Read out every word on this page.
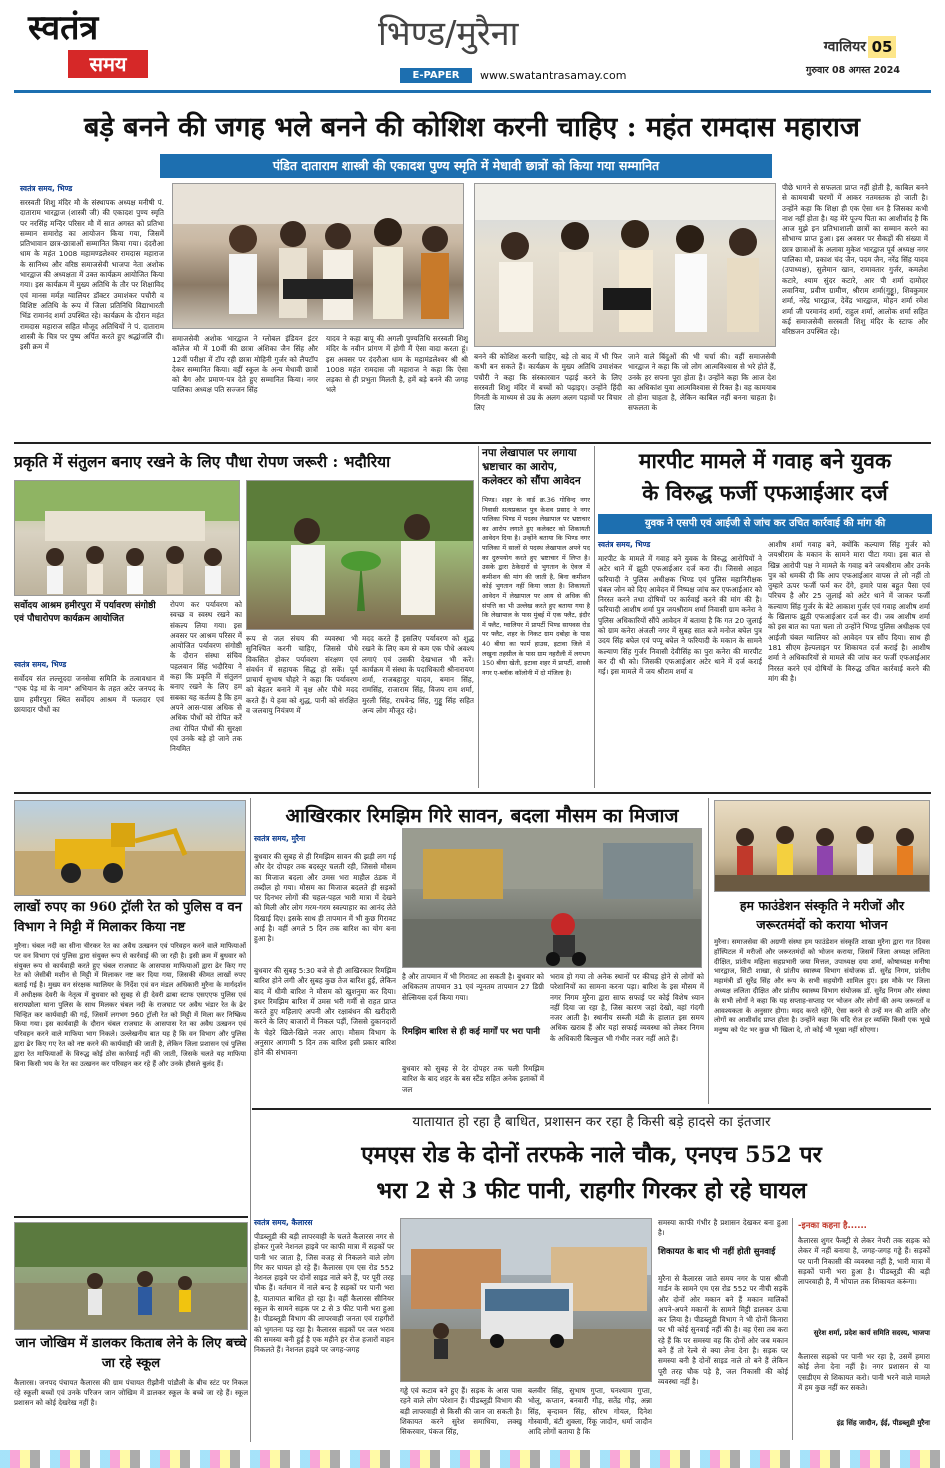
स्वतंत्र
समय
भिण्ड/मुरैना
E-PAPER	www.swatantrasamay.com
ग्वालियर 05
गुरुवार 08 अगस्त 2024
बड़े बनने की जगह भले बनने की कोशिश करनी चाहिए : महंत रामदास महाराज
पंडित दाताराम शास्त्री की एकादश पुण्य स्मृति में मेधावी छात्रों को किया गया सम्मानित
स्वतंत्र समय, भिण्ड
सरस्वती शिशु मंदिर मौ के संस्थापक अध्यक्ष मनीषी पं. दाताराम भारद्वाज (शास्त्री जी) की एकादश पुण्य स्मृति पर नरसिंह मन्दिर परिसर मौ में सात अगस्त को प्रतिभा सम्मान समारोह का आयोजन किया गया, जिसमें प्रतिभावान छात्र-छात्राओं सम्मानित किया गया। दंदरौआ धाम के महंत 1008 महामण्डलेश्वर रामदास महाराज के सानिध्य और वरिष्ठ समाजसेवी भाजपा नेता अशोक भारद्वाज की अध्यक्षता में उक्त कार्यक्रम आयोजित किया गया। इस कार्यक्रम में मुख्य अतिथि के तौर पर शिक्षाविद एवं मानस मर्मज्ञ ग्वालियर डॉक्टर उमाशंकर पचौरी व विशिष्ट अतिथि के रूप में जिला प्रतिनिधि विद्याभारती भिंड रामानंद शर्मा उपस्थित रहे। कार्यक्रम के दौरान महंत रामदास महाराज सहित मौजूद अतिथियों ने पं. दाताराम शास्त्री के चित्र पर पुष्प अर्पित करते हुए श्रद्धांजलि दी। इसी क्रम में
समाजसेवी अशोक भारद्वाज ने ग्लोबल इंडियन इंटर कॉलेज मौ में 10वीं की छात्रा अंशिका जैन सिंह और 12वीं परीक्षा में टॉप रही छात्रा मोहिनी गुर्जर को लैपटॉप देकर सम्मानित किया। वहीं स्कूल के अन्य मेधावी छात्रों को बैग और प्रमाण-पत्र देते हुए सम्मानित किया। नगर पालिका अध्यक्ष पति सज्जन सिंह
यादव ने कहा बापू की अगली पुण्यतिथि सरस्वती शिशु मंदिर के नवीन प्रांगण में होगी मैं ऐसा वादा करता हूं। इस अवसर पर दंदरौआ धाम के महामंडलेश्वर श्री श्री 1008 महंत रामदास जी महाराज ने कहा कि ऐसा लड़का से ही प्रभुता मिलती है, हमें बड़े बनने की जगह भले
बनने की कोशिश करनी चाहिए, बड़े तो बाद में भी फिर कभी बन सकते हैं। कार्यक्रम के मुख्य अतिथि उमाशंकर पचौरी ने कहा कि संस्कारवान पढ़ाई करने के लिए सरस्वती शिशु मंदिर में बच्चों को पढ़ाइए। उन्होंने हिंदी गिनती के माध्यम से उम्र के अलग अलग पड़ावों पर विचार लिए
जाने वाले बिंदुओं की भी चर्चा की। वहीं समाजसेवी भारद्वाज ने कहा कि जो लोग आत्मविश्वास से भरे होते हैं, उनके हर सपना पूरा होता है। उन्होंने कहा कि आज देश का अधिकांश युवा आत्मविश्वास से रिक्त है। वह कामयाब तो होना चाहता है, लेकिन काबिल नहीं बनना चाहता है। सफलता के
पीछे भागने से सफलता प्राप्त नहीं होती है, काबिल बनने से कामयाबी चरणों में आकर नतमस्तक हो जाती है। उन्होंने कहा कि शिक्षा ही एक ऐसा धन है जिसका कभी नाश नहीं होता है। यह मेरे पूज्य पिता का आशीर्वाद है कि आज मुझे इन प्रतिभाशाली छात्रों का सम्मान करने का सौभाग्य प्राप्त हुआ। इस अवसर पर सैकड़ों की संख्या में छात्र छात्राओं के अलावा मुकेश भारद्वाज पूर्व अध्यक्ष नगर पालिका मौ, प्रकाश चंद जैन, पदम जैन, नरेंद्र सिंह यादव (उपाध्यक्ष), सुलेमान खान, रामावतार गुर्जर, कमलेश कटारे, श्याम सुंदर कटारे, आर पी शर्मा दामोदर लवानिया, प्रवीण ग्रामीण, श्रीराम शर्मा(गुड्डू), शिवकुमार शर्मा, नरेंद्र भारद्वाज, देवेंद्र भारद्वाज, मोहन शर्मा रमेश शर्मा जी परमानंद शर्मा, राहुल शर्मा, आलोक शर्मा सहित कई समाजसेवी सरस्वती शिशु मंदिर के स्टाफ और वरिष्ठजन उपस्थित रहे।
प्रकृति में संतुलन बनाए रखने के लिए पौधा रोपण जरूरी : भदौरिया
सर्वोदय आश्रम हमीरपुरा में पर्यावरण संगोष्ठी एवं पौधारोपण कार्यक्रम आयोजित
स्वतंत्र समय, भिण्ड
सर्वोदय संत लल्लूददा जनसेवा समिति के तत्वावधान में "एक पेड़ मां के नाम" अभियान के तहत अटेर जनपद के ग्राम हमीरपुरा स्थित सर्वोदय आश्रम में फलदार एवं छायादार पौधों का
रोपण कर पर्यावरण को स्वच्छ व स्वस्थ रखने का संकल्प लिया गया। इस अवसर पर आश्रम परिसर में आयोजित पर्यावरण संगोष्ठी के दौरान संस्था संचिव पहलवान सिंह भदौरिया ने कहा कि प्रकृति में संतुलन बनाए रखने के लिए हम सबका यह कर्तव्य है कि हम अपने आस-पास अधिक से अधिक पौधों को रोपित करें तथा रोपित पौधों की सुरक्षा एवं उनके बड़े हो जाने तक नियमित
रूप से जल संचय की व्यवस्था भी सुनिश्चित करनी चाहिए, जिससे पौधे विकसित होकर पर्यावरण संरक्षण एवं संवर्धन में सहायक सिद्ध हो सकें। पूर्व प्राचार्य सुभाष चौहरे ने कहा कि पर्यावरण को बेहतर बनाने में वृक्ष और पौधे मदद करते हैं। ये हवा को शुद्ध, पानी को संरक्षित व जलवायु नियंत्रण में
मदद करते हैं इसलिए पर्यावरण को शुद्ध रखने के लिए कम से कम एक पौधे अवश्य लगाएं एवं उसकी देखभाल भी करें। कार्यक्रम में संस्था के पदाधिकारी श्रीनारायण शर्मा, राजबहादुर यादव, बमान सिंह, रामसिंह, राजाराम सिंह, विजय राम शर्मा, मुरली सिंह, राघवेन्द्र सिंह, गुड्डू सिंह सहित अन्य लोग मौजूद रहे।
नपा लेखापाल पर लगाया भ्रष्टाचार का आरोप, कलेक्टर को सौंपा आवेदन
भिण्ड। शहर के वार्ड क्र.36 गोविन्द नगर निवासी सत्यप्रकाश पुत्र केशव प्रसाद ने नगर पालिका भिण्ड में पदस्थ लेखापाल पर भ्रष्टाचार का आरोप लगाते हुए कलेक्टर को शिकायती आवेदन दिया है। उन्होंने बताया कि भिण्ड नगर पालिका में सालों से पदस्थ लेखापाल अपने पद का दुरुपयोग करते हुए भ्रष्टाचार में लिप्त है। उसके द्वारा ठेकेदारों से भुगतान के ऐवज में कमीशन की मांग की जाती है, बिना कमीशन कोई भुगतान नहीं किया जाता है। शिकायतों आवेदन में लेखापाल पर आय से अधिक की संपत्ति का भी उल्लेख करते हुए बताया गया है कि लेखापाल के पास मुंबई में एक फ्लैट, इंदौर में फ्लैट, ग्वालियर में प्रापर्टी भिण्ड सायवस रोड पर फ्लैट, शहर के निकट ग्राम दबोहा के पास 40 बीघा का फार्म हाउस, इटावा जिले में लखुना तहसील के पास ग्राम नहरौली में लगभग 150 बीघा खेती, इटावा शहर में प्रापर्टी, शास्त्री नगर ए-ब्लॉक कॉलोनी में दो मंजिला है।
मारपीट मामले में गवाह बने युवक
के विरुद्ध फर्जी एफआईआर दर्ज
युवक ने एसपी एवं आईजी से जांच कर उचित कार्रवाई की मांग की
स्वतंत्र समय, भिण्ड
मारपीट के मामले में गवाह बने युवक के विरुद्ध आरोपियों ने अटेर थाने में झूठी एफआईआर दर्ज करा दी। जिससे आहत फरियादी ने पुलिस अधीक्षक भिण्ड एवं पुलिस महानिरीक्षक चंबल जोन को दिए आवेदन में निष्पक्ष जांच कर एफआईआर को निरस्त करने तथा दोषियों पर कार्रवाई करने की मांग की है। फरियादी आशीष शर्मा पुत्र जयश्रीराम शर्मा निवासी ग्राम कनेरा ने पुलिस अधिकारियों सौंपे आवेदन में बताया है कि गत 20 जुलाई को ग्राम कनेरा अंजली नगर में सुबह सात बजे मनोज बघेल पुत्र उदय सिंह बघेल एवं पप्पू बघेल ने फरियादी के मकान के सामने कल्याण सिंह गुर्जर निवासी देवीसिंह का पुरा कनेरा की मारपीट कर दी थी को। जिसकी एफआईआर अटेर थाने में दर्ज कराई गई। इस मामले में जय श्रीराम शर्मा व
आशीष शर्मा गवाह बने, क्योंकि कल्याण सिंह गुर्जर को जयश्रीराम के मकान के सामने मारा पीटा गया। इस बात से खिन्न आरोपी पक्ष ने मामले के गवाह बने जयश्रीराम और उनके पुत्र को धमकी दी कि आप एफआईआर वापस ले लो नहीं तो तुम्हारे ऊपर फर्जी फर्म कर देंगे, हमारे पास बहुत पैसा एवं परिचय है और 25 जुलाई को अटेर थाने में जाकर फर्जी कल्याण सिंह गुर्जर के बेटे आकाश गुर्जर एवं गवाह आशीष शर्मा के खिलाफ झूठी एफआईआर दर्ज कर दी। जब आशीष शर्मा को इस बात का पता चला तो उन्होंने भिण्ड पुलिस अधीक्षक एवं आईजी चंबल ग्वालियर को आवेदन पत्र सौंप दिया। साथ ही 181 सीएम हेल्पलाइन पर शिकायत दर्ज कराई है। आशीष शर्मा ने अधिकारियों से मामले की जांच कर फर्जी एफआईआर निरस्त करने एवं दोषियों के विरुद्ध उचित कार्रवाई करने की मांग की है।
लाखों रुपए का 960 ट्रॉली रेत को पुलिस व वन विभाग ने मिट्टी में मिलाकर किया नष्ट
मुरैना। चंबल नदी का सीना चीरकर रेत का अवैध उत्खनन एवं परिवहन करने वाले माफियाओं पर वन विभाग एवं पुलिस द्वारा संयुक्त रूप से कार्रवाई की जा रही है। इसी क्रम में बुधवार को संयुक्त रूप से कार्यवाही करते हुए चंबल राजघाट के आसपास माफियाओं द्वारा ढेर किए गए रेत को जेसीबी मशीन से मिट्टी में मिलाकर नष्ट कर दिया गया, जिसकी कीमत लाखों रुपए बताई गई है। मुख्य वन संरक्षक ग्वालियर के निर्देश एवं वन मंडल अधिकारी मुरैना के मार्गदर्शन में अधीक्षक देवरी के नेतृत्व में बुधवार को सुबह से ही देवरी ढाबा स्टाफ एसएएफ पुलिस एवं सरायछोला थाना पुलिस के साथ मिलकर चंबल नदी के राजघाट पर अवैध भंडार रेत के ढेर चिन्हित कर कार्यवाही की गई, जिसमें लगभग 960 ट्रॉली रेत को मिट्टी में मिला कर निष्क्रिय किया गया। इस कार्यवाही के दौरान चंबल राजघाट के आसपास रेत का अवैध उत्खनन एवं परिवहन करने वाले माफिया भाग निकले। उल्लेखनीय बात यह है कि वन विभाग और पुलिस द्वारा ढेर किए गए रेत को नष्ट करने की कार्यवाही की जाती है, लेकिन जिला प्रशासन एवं पुलिस द्वारा रेत माफियाओं के विरुद्ध कोई ठोस कार्रवाई नहीं की जाती, जिसके चलते यह माफिया बिना किसी भय के रेत का उत्खनन कर परिवहन कर रहे हैं और उनके हौसले बुलंद हैं।
आखिरकार रिमझिम गिरे सावन, बदला मौसम का मिजाज
स्वतंत्र समय, मुरैना
बुधवार की सुबह से ही रिमझिम सावन की झड़ी लग गई और देर दोपहर तक बदस्तूर चलती रही, जिससे मौसम का मिजाज बदला और उमस भरा माहौल ठंडक में तब्दील हो गया। मौसम का मिजाज बदलते ही सड़कों पर दिनभर लोगों की चहल-पहल भारी मात्रा में देखने को मिली और लोग गरम-गरम स्वल्पाहार का आनंद लेते दिखाई दिए। इसके साथ ही तापमान में भी कुछ गिरावट आई है। वहीं अगले 5 दिन तक बारिश का योग बना हुआ है।
बुधवार की सुबह 5:30 बजे से ही आखिरकार रिमझिम बारिश होने लगी और सुबह कुछ तेज बारिश हुई, लेकिन बाद में धीमी बारिश ने मौसम को खुशनुमा कर दिया। इधर रिमझिम बारिश में उमस भरी गर्मी से राहत प्राप्त करते हुए महिलाएं अपनी और रक्षाबंधन की खरीदारी करने के लिए बाजारों में निकल पड़ीं, जिससे दुकानदारों के चेहरे खिले-खिले नजर आए। मौसम विभाग के अनुसार आगामी 5 दिन तक बारिश इसी प्रकार बारिश होने की संभावना
है और तापमान में भी गिरावट आ सकती है। बुधवार को अधिकतम तापमान 31 एवं न्यूनतम तापमान 27 डिग्री सेल्सियस दर्ज किया गया।
रिमझिम बारिश से ही कई मार्गों पर भरा पानी
बुधवार को सुबह से देर दोपहर तक चली रिमझिम बारिश के बाद शहर के बस स्टैंड सहित अनेक इलाकों में जल
भराव हो गया तो अनेक स्थानों पर कीचड़ होने से लोगों को परेशानियों का सामना करना पड़ा। बारिश के इस मौसम में नगर निगम मुरैना द्वारा साफ सफाई पर कोई विशेष ध्यान नहीं दिया जा रहा है, जिस कारण जहां देखो, वहां गंदगी नजर आती है। स्थानीय सब्जी मंडी के हालात इस समय अधिक खराब हैं और यहां सफाई व्यवस्था को लेकर निगम के अधिकारी बिल्कुल भी गंभीर नजर नहीं आते हैं।
हम फाउंडेशन संस्कृति ने मरीजों और जरूरतमंदों को कराया भोजन
मुरैना। समाजसेवा की अग्रणी संस्था हम फाउंडेशन संस्कृति शाखा मुरैना द्वारा गत दिवस हॉस्पिटल में मरीजों और जरूरतमंदों को भोजन कराया, जिसमें जिला अध्यक्ष ललिता दीक्षित, प्रांतीय महिला सहप्रभारी जया मित्तल, उपाध्यक्ष दया शर्मा, कोषाध्यक्ष मनीषा भारद्वाज, सिटी शाखा, से प्रांतीय स्वास्थ्य विभाग संयोजक डॉ. सुरेंद्र निगम, प्रांतीय महामंत्री डॉ सुरेंद्र सिंह और रूप के सभी सहयोगी शामिल हुए। इस मौके पर जिला अध्यक्ष ललिता दीक्षित और प्रांतीय स्वास्थ्य विभाग संयोजक डॉ. सुरेंद्र निगम और संस्था के सभी लोगों ने कहा कि यह सप्ताह-सप्ताह पर भोजन और लोगों की अन्य जरूरतों व आवश्यकता के अनुसार होगा। मदद करते रहेंगे, ऐसा करने से उन्हें मन की शांति और लोगों का आशीर्वाद प्राप्त होता है। उन्होंने कहा कि यदि रोज हर व्यक्ति किसी एक भूखे मनुष्य को पेट भर कुछ भी खिला दे, तो कोई भी भूखा नहीं सोएगा।
यातायात हो रहा है बाधित, प्रशासन कर रहा है किसी बड़े हादसे का इंतजार
एमएस रोड के दोनों तरफके नाले चौक, एनएच 552 पर
भरा 2 से 3 फीट पानी, राहगीर गिरकर हो रहे घायल
जान जोखिम में डालकर किताब लेने के लिए बच्चे जा रहे स्कूल
कैलारस। जनपद पंचायत कैलारस की ग्राम पंचायत रीझौनी पांडौली के बीच स्टंट पर निकल रहे स्कूली बच्चों एवं उनके परिजन जान जोखिम में डालकर स्कूल के बच्चे जा रहे हैं। स्कूल प्रशासन को कोई देखरेख नहीं है।
स्वतंत्र समय, कैलारस
पीडब्लूडी की बड़ी लापरवाही के चलते कैलारस नगर से होकर गुजरे नेशनल हाइवे पर काफी मात्रा में सड़कों पर पानी भर जाता है, जिस वजह से निकलने वाले लोग गिर कर घायल हो रहे हैं। कैलारस एम एस रोड 552 नेशनल हाइवे पर दोनों साइड नाले बने हैं, पर पूरी तरह चौक हैं। वर्तमान में नाले बन्द है सड़कों पर पानी भरा है, यातायात बाधित हो रहा है। वहीं कैलारस सीनियर स्कूल के सामने सड़क पर 2 से 3 फीट पानी भरा हुआ है। पीडब्लूडी विभाग की लापरवाही जनता एवं राहगीरों को भुगतना पड़ रहा है। कैलारस सड़कों पर जल भराव की समस्या बनी हुई है एक महीने हर रोज हजारों वाहन निकलते हैं। नेशनल हाइवे पर जगह-जगह
गड्ढे एवं कटाव बने हुए हैं। सड़क के आस पास रहने वाले लोग परेशान हैं। पीडब्लूडी विभाग की बड़ी लापरवाही से किसी की जान जा सकती है। शिकायत करने सुरेश समाधिया, लक्खू सिकरवार, पंकज सिंह,
बलवीर सिंह, सुभाष गुप्ता, घनश्याम गुप्ता, भोलू, कप्तान, बनवारी गौड़, सतेंद्र गौड़, अन्ना सिंह, बृन्दावन सिंह, सौरभ गोयल, दिनेश गोस्वामी, बंटी शुक्ला, रिंकू जादौन, धर्मा जादौन आदि लोगों बताया है कि
समस्या काफी गंभीर है प्रशासन देखकर बना हुआ है।
शिकायत के बाद भी नहीं होती सुनवाई
मुरैना से कैलारस जाते समय नगर के पास श्रीजी गार्डन के सामने एम एस रोड 552 पर नीची सड़कें और दोनों ओर मकान बने हैं मकान मालिकों अपने-अपने मकानों के सामने मिट्टी डालकर ऊंचा कर लिया है। पीडब्लूडी विभाग ने भी दोनों किनारा पर भी कोई सुनवाई नहीं की है। वह ऐसा तब करा रहे हैं कि पर समस्या वह कि दोनों ओर जब मकान बने हैं तो रेल्वे से क्या लेना देना है। सड़क पर समस्या बनी है दोनों साइड नाले तो बने हैं लेकिन पूरी तरह चौक पड़े है, जल निकासी की कोई व्यवस्था नहीं है।
-इनका कहना है......
कैलारस शुगर फैक्ट्री से लेकर नेपरी तक सड़क को लेकर में नहीं बनाया है, जगह-जगह गड्ढे हैं। सड़कों पर पानी निकासी की व्यवस्था नहीं है, भारी मात्रा में सड़कों पानी भरा हुआ है। पीडब्लूडी की बड़ी लापरवाही है, मैं भोपाल तक शिकायत करूंगा।
सुरेश शर्मा, प्रदेश कार्य समिति सदस्य, भाजपा
कैलारस सड़को पर पानी भर रहा है, उसमें हमारा कोई लेना देना नहीं है। नगर प्रशासन से या एसडीएम से शिकायत करो। पानी भरने वाले मामले में हम कुछ नहीं कर सकते।
इंद्र सिंह जादौन, ईई, पीडब्लूडी मुरैना
